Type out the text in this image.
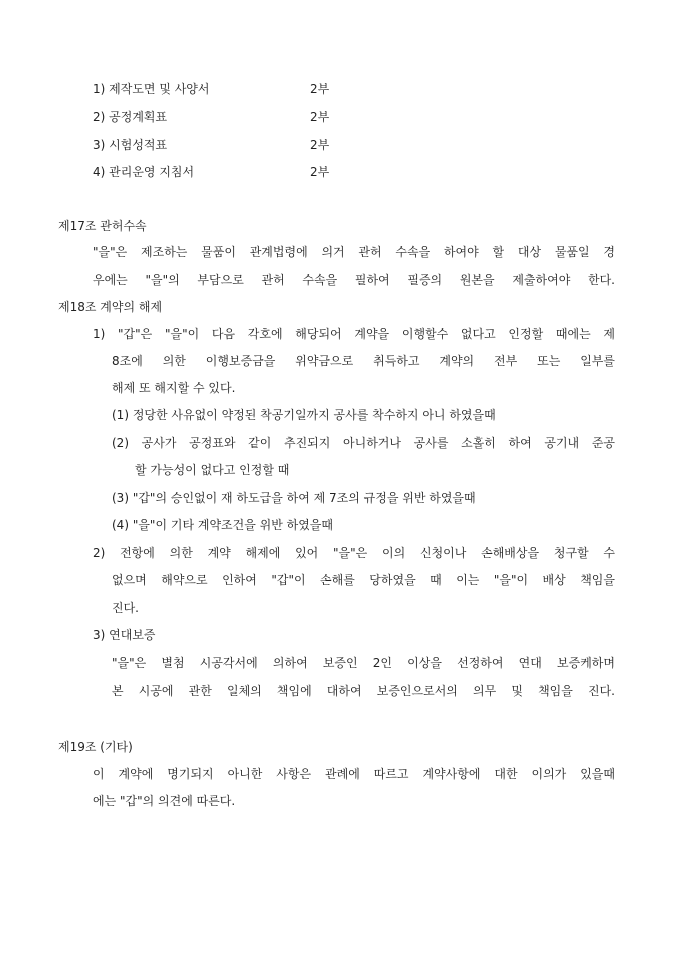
1) 제작도면 및 사양서	2부
2) 공정계획표	2부
3) 시험성적표	2부
4) 관리운영 지침서	2부
제17조 관허수속
"을"은 제조하는 물품이 관계법령에 의거 관허 수속을 하여야 할 대상 물품일 경
우에는 "을"의 부담으로 관허 수속을 필하여 필증의 원본을 제출하여야 한다.
제18조 계약의 해제
1) "갑"은 "을"이 다음 각호에 해당되어 계약을 이행할수 없다고 인정할 때에는 제
8조에 의한 이행보증금을 위약금으로 취득하고 계약의 전부 또는 일부를
해제 또 해지할 수 있다.
(1) 정당한 사유없이 약정된 착공기일까지 공사를 착수하지 아니 하였을때
(2) 공사가 공정표와 같이 추진되지 아니하거나 공사를 소홀히 하여 공기내 준공
할 가능성이 없다고 인정할 때
(3) "갑"의 승인없이 재 하도급을 하여 제 7조의 규정을 위반 하였을때
(4) "을"이 기타 계약조건을 위반 하였을때
2) 전항에 의한 계약 해제에 있어 "을"은 이의 신청이나 손해배상을 청구할 수
없으며 해약으로 인하여 "갑"이 손해를 당하였을 때 이는 "을"이 배상 책임을
진다.
3) 연대보증
"을"은 별첨 시공각서에 의하여 보증인 2인 이상을 선정하여 연대 보증케하며
본 시공에 관한 일체의 책임에 대하여 보증인으로서의 의무 및 책임을 진다.
제19조 (기타)
이 계약에 명기되지 아니한 사항은 관례에 따르고 계약사항에 대한 이의가 있을때
에는 "갑"의 의견에 따른다.
